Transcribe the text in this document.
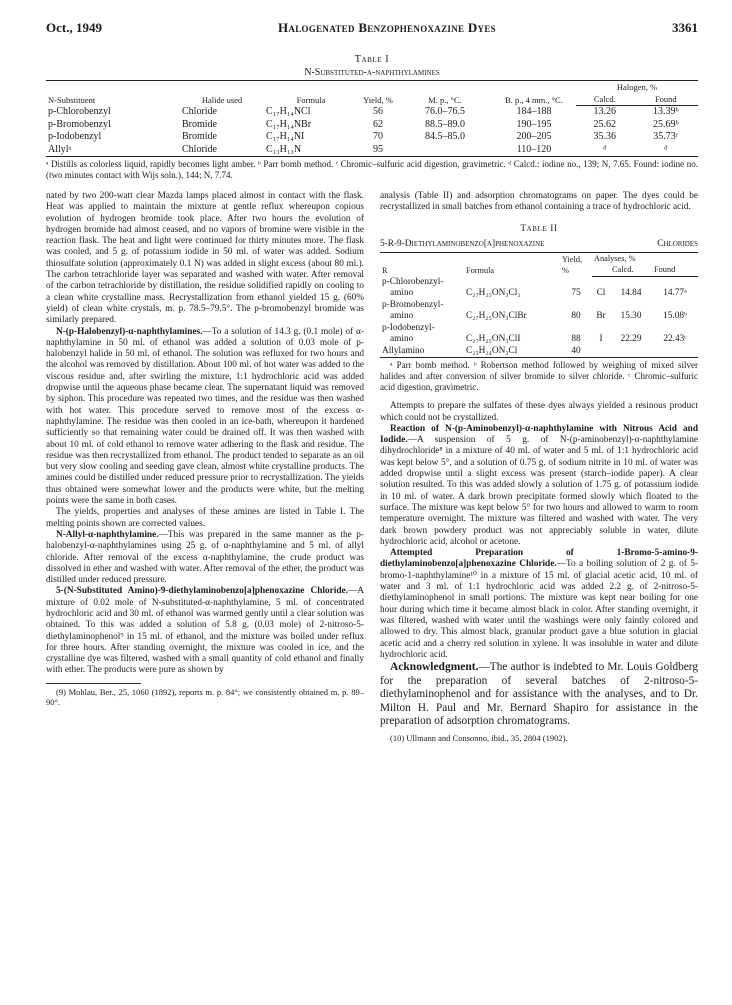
Oct., 1949	Halogenated Benzophenoxazine Dyes	3361
Table I
N-Substituted-α-naphthylamines
N-Substituent	Halide used	Formula	Yield, %	M. p., °C.	B. p., 4 mm., °C.	Halogen, %	
						Calcd.	Found
p-Chlorobenzyl	Chloride	C₁₇H₁₄NCl	56	76.0–76.5	184–188	13.26	13.39ᵇ
p-Bromobenzyl	Bromide	C₁₇H₁₄NBr	62	88.5–89.0	190–195	25.62	25.69ᵇ
p-Iodobenzyl	Bromide	C₁₇H₁₄NI	70	84.5–85.0	200–205	35.36	35.73ᶜ
Allylᵃ	Chloride	C₁₃H₁₃N	95		110–120	ᵈ	ᵈ
ᵃ Distills as colorless liquid, rapidly becomes light amber. ᵇ Parr bomb method. ᶜ Chromic–sulfuric acid digestion, gravimetric. ᵈ Calcd.: iodine no., 139; N, 7.65. Found: iodine no. (two minutes contact with Wijs soln.), 144; N, 7.74.

nated by two 200-watt clear Mazda lamps placed almost in contact with the flask. Heat was applied to maintain the mixture at gentle reflux whereupon copious evolution of hydrogen bromide took place. After two hours the evolution of hydrogen bromide had almost ceased, and no vapors of bromine were visible in the reaction flask. The heat and light were continued for thirty minutes more. The flask was cooled, and 5 g. of potassium iodide in 50 ml. of water was added. Sodium thiosulfate solution (approximately 0.1 N) was added in slight excess (about 80 ml.). The carbon tetrachloride layer was separated and washed with water. After removal of the carbon tetrachloride by distillation, the residue solidified rapidly on cooling to a clean white crystalline mass. Recrystallization from ethanol yielded 15 g. (60% yield) of clean white crystals, m. p. 78.5–79.5°. The p-bromobenzyl bromide was similarly prepared.

N-(p-Halobenzyl)-α-naphthylamines.—To a solution of 14.3 g. (0.1 mole) of α-naphthylamine in 50 ml. of ethanol was added a solution of 0.03 mole of p-halobenzyl halide in 50 ml. of ethanol. The solution was refluxed for two hours and the alcohol was removed by distillation. About 100 ml. of hot water was added to the viscous residue and, after swirling the mixture, 1:1 hydrochloric acid was added dropwise until the aqueous phase became clear. The supernatant liquid was removed by siphon. This procedure was repeated two times, and the residue was then washed with hot water. This procedure served to remove most of the excess α-naphthylamine. The residue was then cooled in an ice-bath, whereupon it hardened sufficiently so that remaining water could be drained off. It was then washed with about 10 ml. of cold ethanol to remove water adhering to the flask and residue. The residue was then recrystallized from ethanol. The product tended to separate as an oil but very slow cooling and seeding gave clean, almost white crystalline products. The amines could be distilled under reduced pressure prior to recrystallization. The yields thus obtained were somewhat lower and the products were white, but the melting points were the same in both cases.

The yields, properties and analyses of these amines are listed in Table I. The melting points shown are corrected values.

N-Allyl-α-naphthylamine.—This was prepared in the same manner as the p-halobenzyl-α-naphthylamines using 25 g. of α-naphthylamine and 5 ml. of allyl chloride. After removal of the excess α-naphthylamine, the crude product was dissolved in ether and washed with water. After removal of the ether, the product was distilled under reduced pressure.

5-(N-Substituted Amino)-9-diethylaminobenzo[a]phenoxazine Chloride.—A mixture of 0.02 mole of N-substituted-α-naphthylamine, 5 ml. of concentrated hydrochloric acid and 30 ml. of ethanol was warmed gently until a clear solution was obtained. To this was added a solution of 5.8 g. (0.03 mole) of 2-nitroso-5-diethylaminophenol⁹ in 15 ml. of ethanol, and the mixture was boiled under reflux for three hours. After standing overnight, the mixture was cooled in ice, and the crystalline dye was filtered, washed with a small quantity of cold ethanol and finally with ether. The products were pure as shown by

(9) Mohlau, Ber., 25, 1060 (1892), reports m. p. 84°; we consistently obtained m. p. 89–90°.

analysis (Table II) and adsorption chromatograms on paper. The dyes could be recrystallized in small batches from ethanol containing a trace of hydrochloric acid.

Table II
5-R-9-Diethylaminobenzo[a]phenoxazine	Chlorides
R	Formula	Yield, %	Analyses, %		
				Calcd.	Found
p-Chlorobenzyl-					
amino	C₂₇H₂₅ON₃Cl₂	75	Cl	14.84	14.77ᵃ
p-Bromobenzyl-					
amino	C₂₇H₂₅ON₃ClBr	80	Br	15.30	15.08ᵇ
p-Iodobenzyl-					
amino	C₂₇H₂₅ON₃ClI	88	I	22.29	22.43ᶜ
Allylamino	C₂₃H₂₄ON₃Cl	40			
ᵃ Parr bomb method. ᵇ Robertson method followed by weighing of mixed silver halides and after conversion of silver bromide to silver chloride. ᶜ Chromic–sulfuric acid digestion, gravimetric.

Attempts to prepare the sulfates of these dyes always yielded a resinous product which could not be crystallized.

Reaction of N-(p-Aminobenzyl)-α-naphthylamine with Nitrous Acid and Iodide.—A suspension of 5 g. of N-(p-aminobenzyl)-α-naphthylamine dihydrochloride⁸ in a mixture of 40 ml. of water and 5 ml. of 1:1 hydrochloric acid was kept below 5°, and a solution of 0.75 g. of sodium nitrite in 10 ml. of water was added dropwise until a slight excess was present (starch–iodide paper). A clear solution resulted. To this was added slowly a solution of 1.75 g. of potassium iodide in 10 ml. of water. A dark brown precipitate formed slowly which floated to the surface. The mixture was kept below 5° for two hours and allowed to warm to room temperature overnight. The mixture was filtered and washed with water. The very dark brown powdery product was not appreciably soluble in water, dilute hydrochloric acid, alcohol or acetone.

Attempted Preparation of 1-Bromo-5-amino-9-diethylaminobenzo[a]phenoxazine Chloride.—To a boiling solution of 2 g. of 5-bromo-1-naphthylamine¹⁰ in a mixture of 15 ml. of glacial acetic acid, 10 ml. of water and 3 ml. of 1:1 hydrochloric acid was added 2.2 g. of 2-nitroso-5-diethylaminophenol in small portions. The mixture was kept near boiling for one hour during which time it became almost black in color. After standing overnight, it was filtered, washed with water until the washings were only faintly colored and allowed to dry. This almost black, granular product gave a blue solution in glacial acetic acid and a cherry red solution in xylene. It was insoluble in water and dilute hydrochloric acid.

Acknowledgment.—The author is indebted to Mr. Louis Goldberg for the preparation of several batches of 2-nitroso-5-diethylaminophenol and for assistance with the analyses, and to Dr. Milton H. Paul and Mr. Bernard Shapiro for assistance in the preparation of adsorption chromatograms.

(10) Ullmann and Consonno, ibid., 35, 2804 (1902).
